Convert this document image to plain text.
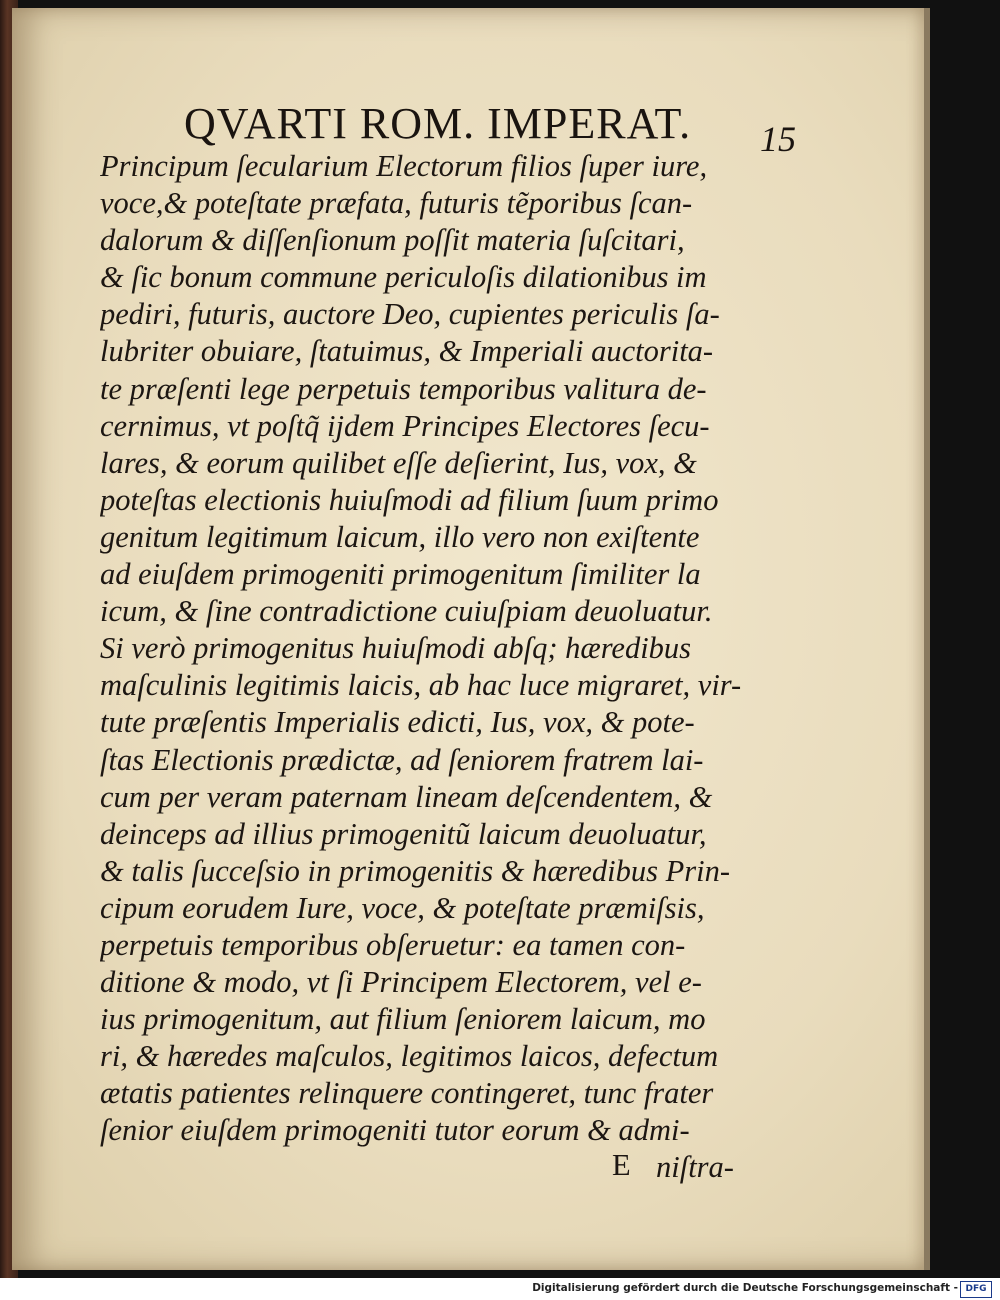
QVARTI ROM. IMPERAT. 15
Principum ſecularium Electorum filios ſuper iure,
voce,& poteſtate præfata, futuris tẽporibus ſcan-
dalorum & diſſenſionum poſſit materia ſuſcitari,
& ſic bonum commune periculoſis dilationibus im
pediri, futuris, auctore Deo, cupientes periculis ſa-
lubriter obuiare, ſtatuimus, & Imperiali auctorita-
te præſenti lege perpetuis temporibus valitura de-
cernimus, vt poſtq̃ ijdem Principes Electores ſecu-
lares, & eorum quilibet eſſe deſierint, Ius, vox, &
poteſtas electionis huiuſmodi ad filium ſuum primo
genitum legitimum laicum, illo vero non exiſtente
ad eiuſdem primogeniti primogenitum ſimiliter la
icum, & ſine contradictione cuiuſpiam deuoluatur.
Si verò primogenitus huiuſmodi abſq; hæredibus
maſculinis legitimis laicis, ab hac luce migraret, vir-
tute præſentis Imperialis edicti, Ius, vox, & pote-
ſtas Electionis prædictæ, ad ſeniorem fratrem lai-
cum per veram paternam lineam deſcendentem, &
deinceps ad illius primogenitũ laicum deuoluatur,
& talis ſucceſsio in primogenitis & hæredibus Prin-
cipum eorudem Iure, voce, & poteſtate præmiſsis,
perpetuis temporibus obſeruetur: ea tamen con-
ditione & modo, vt ſi Principem Electorem, vel e-
ius primogenitum, aut filium ſeniorem laicum, mo
ri, & hæredes maſculos, legitimos laicos, defectum
ætatis patientes relinquere contingeret, tunc frater
ſenior eiuſdem primogeniti tutor eorum & admi-
E niſtra-
Digitalisierung gefördert durch die Deutsche Forschungsgemeinschaft - DFG
